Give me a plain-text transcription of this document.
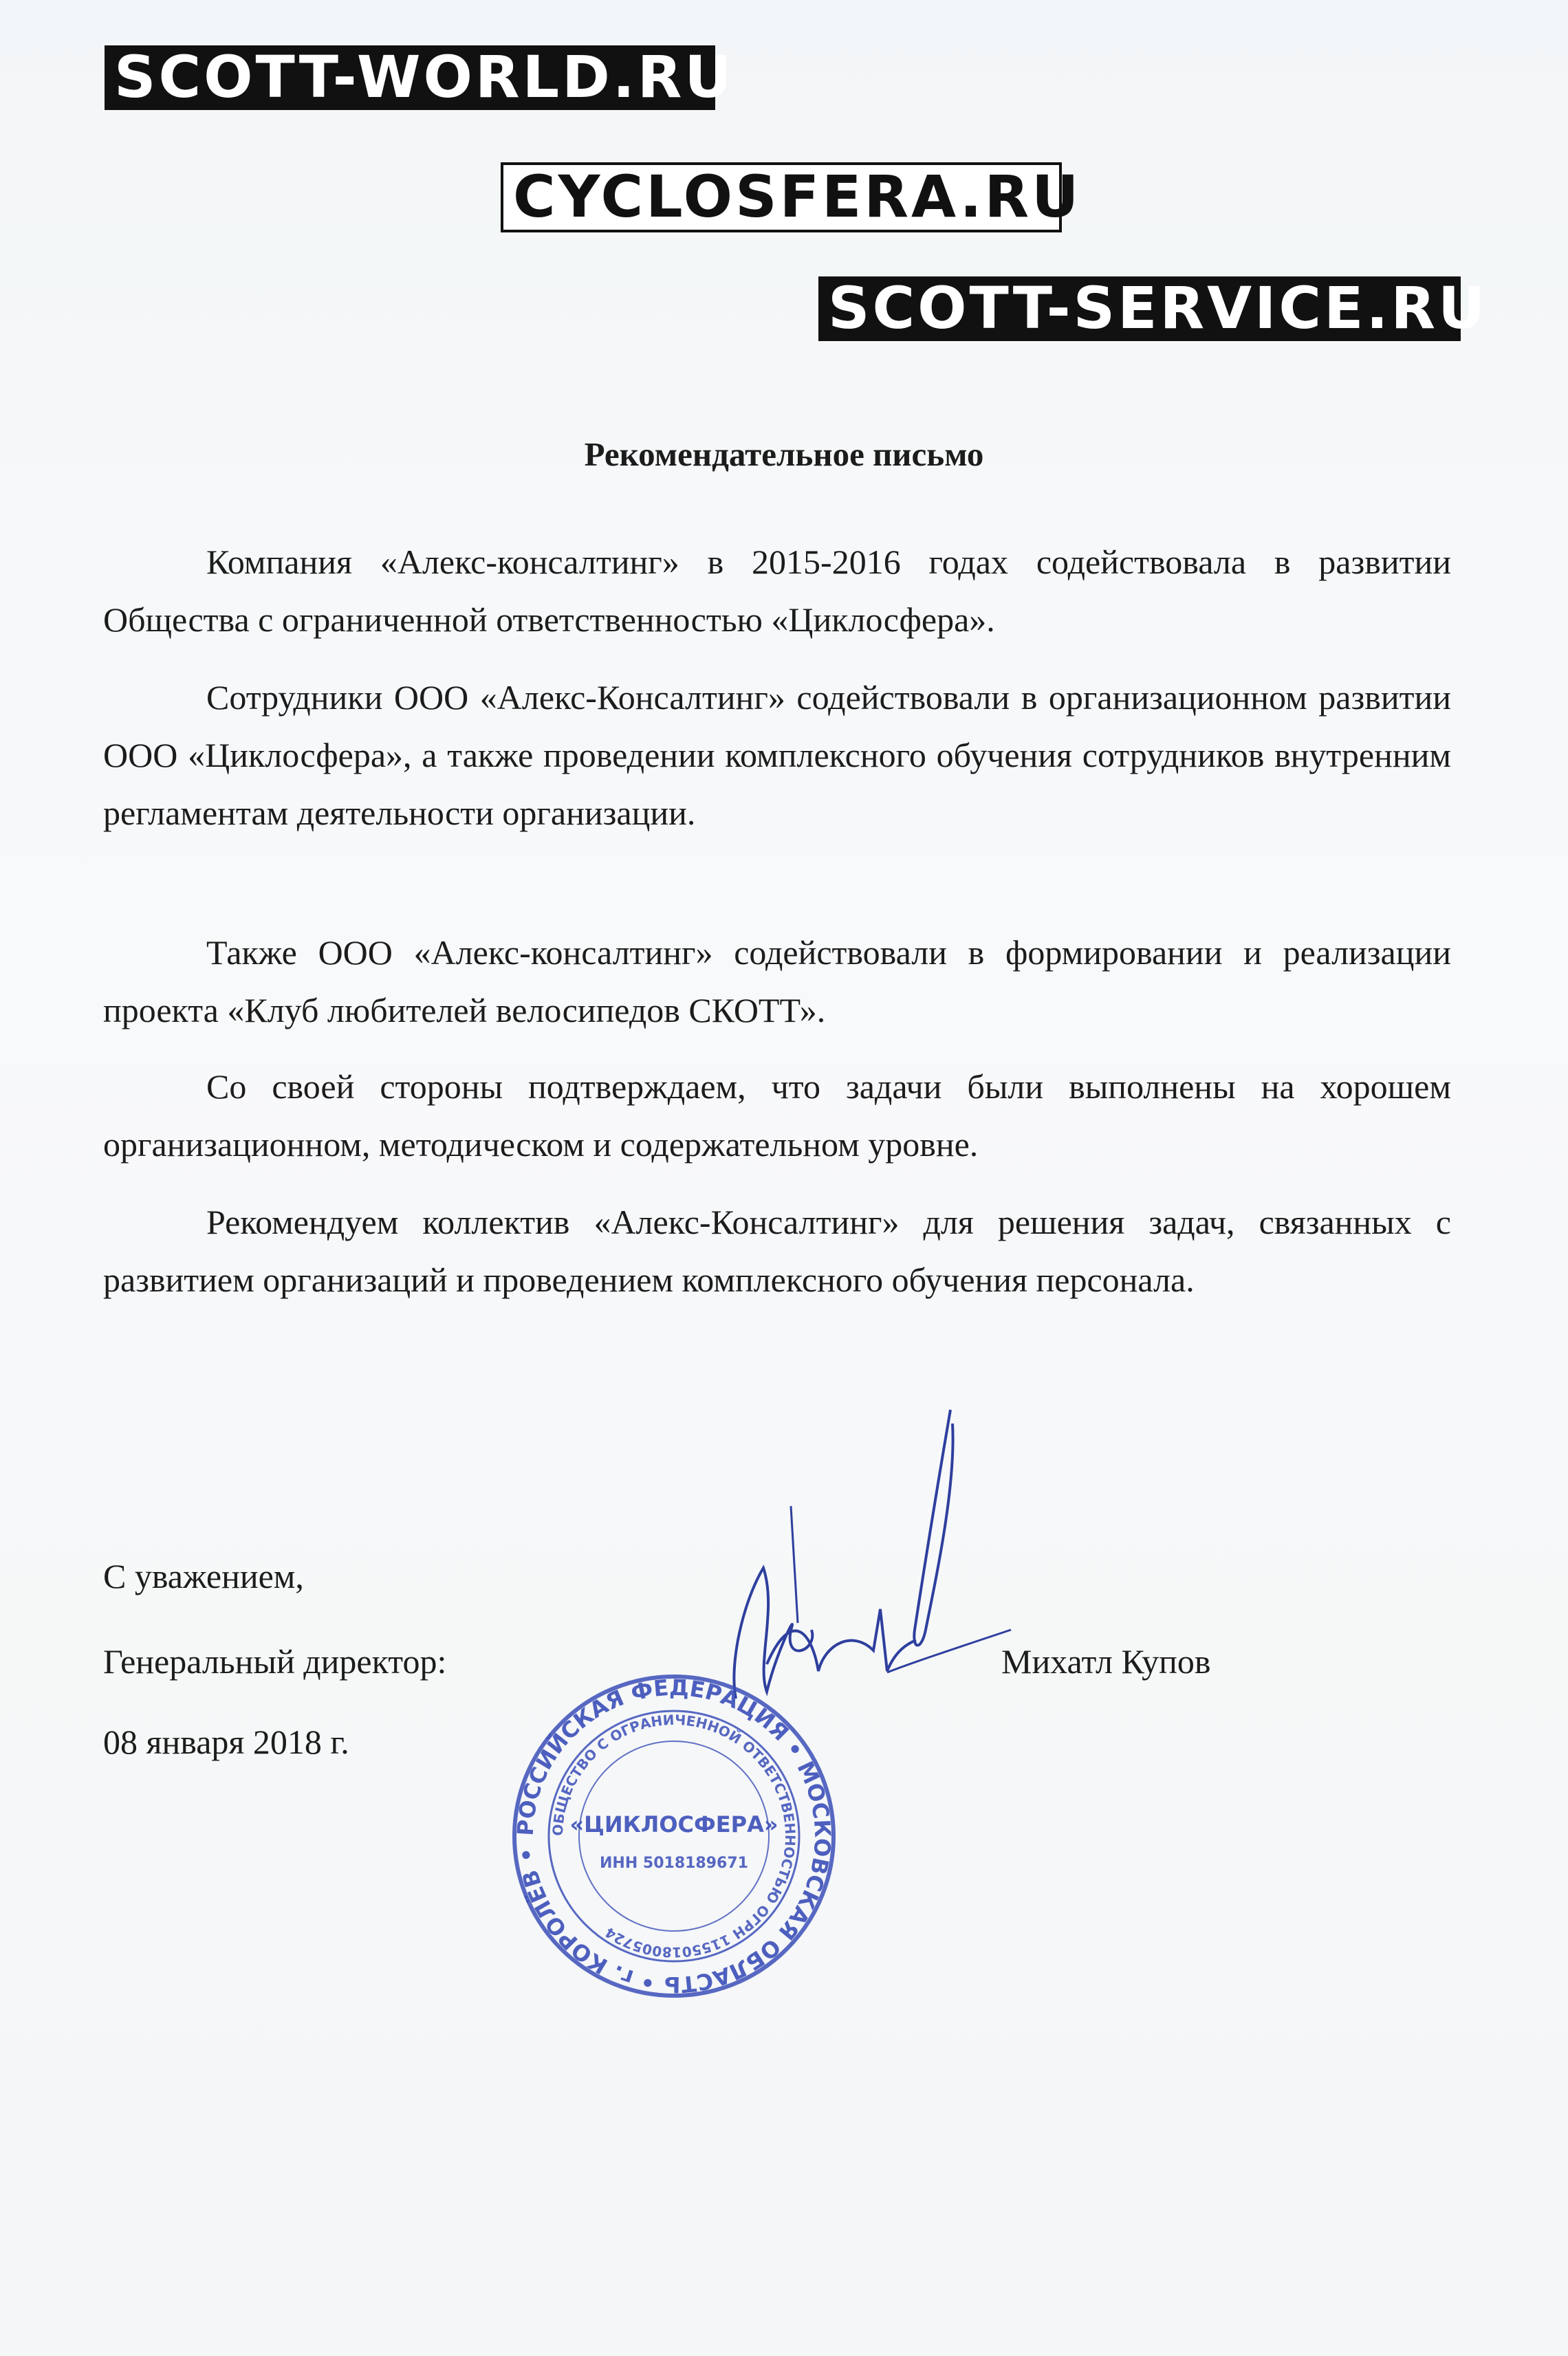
SCOTT-WORLD.RU
CYCLOSFERA.RU
SCOTT-SERVICE.RU
Рекомендательное письмо

Компания «Алекс-консалтинг» в 2015-2016 годах содействовала в развитии Общества с ограниченной ответственностью «Циклосфера».

Сотрудники ООО «Алекс-Консалтинг» содействовали в организационном развитии ООО «Циклосфера», а также проведении комплексного обучения сотрудников внутренним регламентам деятельности организации.

Также ООО «Алекс-консалтинг» содействовали в формировании и реализации проекта «Клуб любителей велосипедов СКОТТ».

Со своей стороны подтверждаем, что задачи были выполнены на хорошем организационном, методическом и содержательном уровне.

Рекомендуем коллектив «Алекс-Консалтинг» для решения задач, связанных с развитием организаций и проведением комплексного обучения персонала.

С уважением,
Генеральный директор:	Михатл Купов
08 января 2018 г.
РОССИЙСКАЯ ФЕДЕРАЦИЯ • МОСКОВСКАЯ ОБЛАСТЬ • г. КОРОЛЁВ •
ОБЩЕСТВО С ОГРАНИЧЕННОЙ ОТВЕТСТВЕННОСТЬЮ ОГРН 1155018005724
«ЦИКЛОСФЕРА»
ИНН 5018189671
